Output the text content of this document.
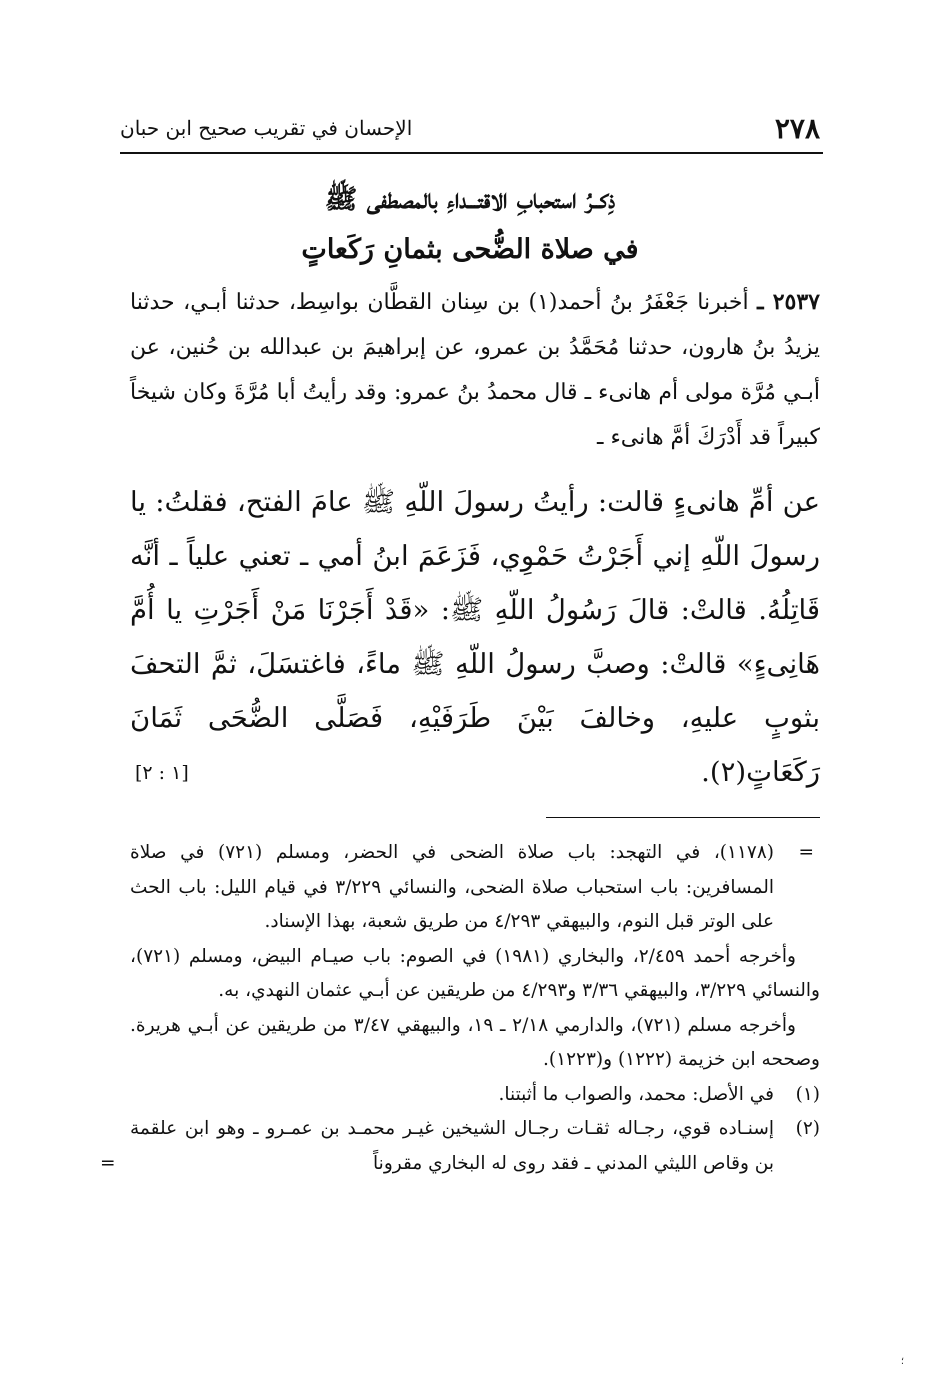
٢٧٨
الإحسان في تقريب صحيح ابن حبان
ذِكــرُ استحبابِ الاقتـــداءِ بالمصطفى ﷺ
في صلاة الضُّحى بثمانِ رَكَعاتٍ
٢٥٣٧ ـ أخبرنا جَعْفَرُ بنُ أحمد(١) بن سِنان القطَّان بواسِط، حدثنا أبـي، حدثنا يزيدُ بنُ هارون، حدثنا مُحَمَّدُ بن عمرو، عن إبراهيمَ بن عبدالله بن حُنين، عن أبـي مُرَّة مولى أم هانىء ـ قال محمدُ بنُ عمرو: وقد رأيتُ أبا مُرَّةَ وكان شيخاً كبيراً قد أَدْرَكَ أمَّ هانىء ـ
عن أمِّ هانىءٍ قالت: رأيتُ رسولَ اللّهِ ﷺ عامَ الفتح، فقلتُ: يا رسولَ اللّهِ إني أَجَرْتُ حَمْوِي، فَزَعَمَ ابنُ أمي ـ تعني علياً ـ أنَّه قَاتِلُهُ. قالتْ: قالَ رَسُولُ اللّهِ ﷺ: «قَدْ أَجَرْنَا مَنْ أَجَرْتِ يا أُمَّ هَانِىءٍ» قالتْ: وصبَّ رسولُ اللّهِ ﷺ ماءً، فاغتسَلَ، ثمَّ التحفَ بثوبٍ عليهِ، وخالفَ بَيْنَ طَرَفَيْهِ، فَصَلَّى الضُّحَى ثَمَانَ رَكَعَاتٍ(٢).
[١ : ٢]
=
(١١٧٨)، في التهجد: باب صلاة الضحى في الحضر، ومسلم (٧٢١) في صلاة المسافرين: باب استحباب صلاة الضحى، والنسائي ٣/٢٢٩ في قيام الليل: باب الحث على الوتر قبل النوم، والبيهقي ٤/٢٩٣ من طريق شعبة، بهذا الإسناد.
وأخرجه أحمد ٢/٤٥٩، والبخاري (١٩٨١) في الصوم: باب صيـام البيض، ومسلم (٧٢١)، والنسائي ٣/٢٢٩، والبيهقي ٣/٣٦ و٤/٢٩٣ من طريقين عن أبـي عثمان النهدي، به.
وأخرجه مسلم (٧٢١)، والدارمي ٢/١٨ ـ ١٩، والبيهقي ٣/٤٧ من طريقين عن أبـي هريرة. وصححه ابن خزيمة (١٢٢٢) و(١٢٢٣).
(١)
في الأصل: محمد، والصواب ما أثبتنا.
(٢)
إسنـاده قوي، رجـاله ثقـات رجـال الشيخين غيـر محمـد بن عمـرو ـ وهو ابن علقمة بن وقاص الليثي المدني ـ فقد روى له البخاري مقروناً
=
؛
